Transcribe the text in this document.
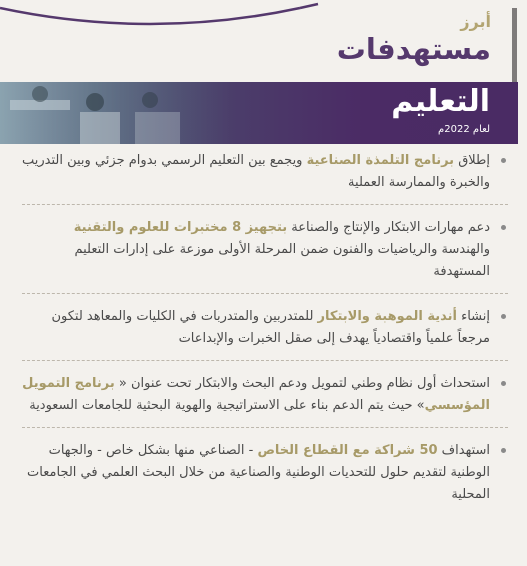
أبرز
مستهدفات
التعليم
لعام 2022م
إطلاق برنامج التلمذة الصناعية ويجمع بين التعليم الرسمي بدوام جزئي وبين التدريب والخبرة والممارسة العملية
دعم مهارات الابتكار والإنتاج والصناعة بتجهيز 8 مختبرات للعلوم والتقنية والهندسة والرياضيات والفنون ضمن المرحلة الأولى موزعة على إدارات التعليم المستهدفة
إنشاء أندية الموهبة والابتكار للمتدربين والمتدربات في الكليات والمعاهد لتكون مرجعاً علمياً واقتصادياً يهدف إلى صقل الخبرات والإبداعات
استحداث أول نظام وطني لتمويل ودعم البحث والابتكار تحت عنوان « برنامج التمويل المؤسسي» حيث يتم الدعم بناء على الاستراتيجية والهوية البحثية للجامعات السعودية
استهداف 50 شراكة مع القطاع الخاص - الصناعي منها بشكل خاص - والجهات الوطنية لتقديم حلول للتحديات الوطنية والصناعية من خلال البحث العلمي في الجامعات المحلية
